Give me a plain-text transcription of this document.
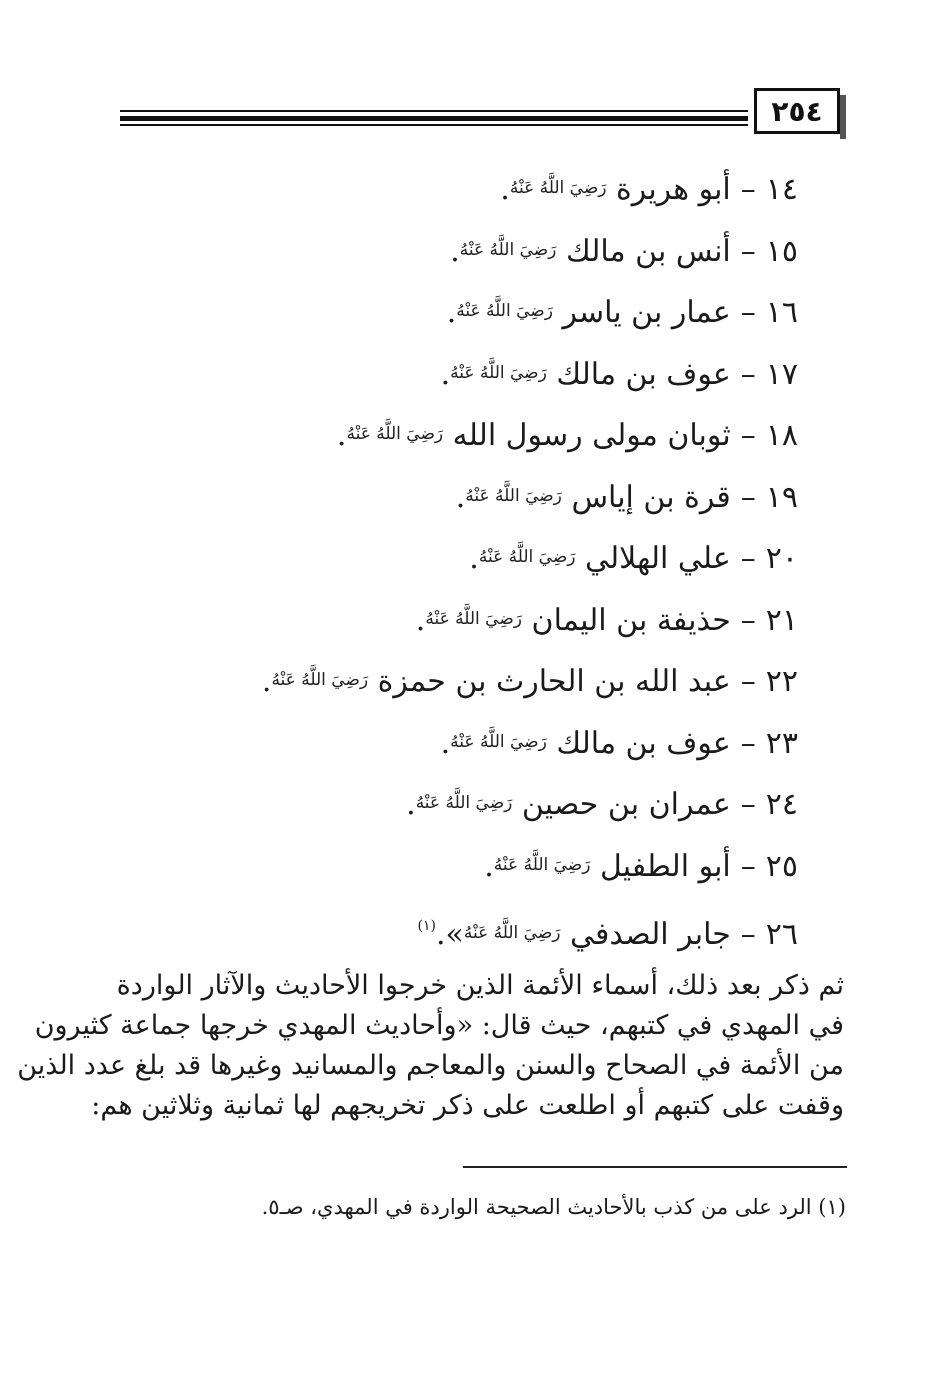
٢٥٤
١٤–أبو هريرة $^{رَضِيَ اللَّهُ عَنْهُ}$.
١٥–أنس بن مالك $^{رَضِيَ اللَّهُ عَنْهُ}$.
١٦–عمار بن ياسر $^{رَضِيَ اللَّهُ عَنْهُ}$.
١٧–عوف بن مالك $^{رَضِيَ اللَّهُ عَنْهُ}$.
١٨–ثوبان مولى رسول الله $^{رَضِيَ اللَّهُ عَنْهُ}$.
١٩–قرة بن إياس $^{رَضِيَ اللَّهُ عَنْهُ}$.
٢٠–علي الهلالي $^{رَضِيَ اللَّهُ عَنْهُ}$.
٢١–حذيفة بن اليمان $^{رَضِيَ اللَّهُ عَنْهُ}$.
٢٢–عبد الله بن الحارث بن حمزة $^{رَضِيَ اللَّهُ عَنْهُ}$.
٢٣–عوف بن مالك $^{رَضِيَ اللَّهُ عَنْهُ}$.
٢٤–عمران بن حصين $^{رَضِيَ اللَّهُ عَنْهُ}$.
٢٥–أبو الطفيل $^{رَضِيَ اللَّهُ عَنْهُ}$.
٢٦–جابر الصدفي $^{رَضِيَ اللَّهُ عَنْهُ}$».$^{(١)}$
ثم ذكر بعد ذلك، أسماء الأئمة الذين خرجوا الأحاديث والآثار الواردة
في المهدي في كتبهم، حيث قال: «وأحاديث المهدي خرجها جماعة كثيرون
من الأئمة في الصحاح والسنن والمعاجم والمسانيد وغيرها قد بلغ عدد الذين
وقفت على كتبهم أو اطلعت على ذكر تخريجهم لها ثمانية وثلاثين هم:
(١) الرد على من كذب بالأحاديث الصحيحة الواردة في المهدي، صـ٥.
